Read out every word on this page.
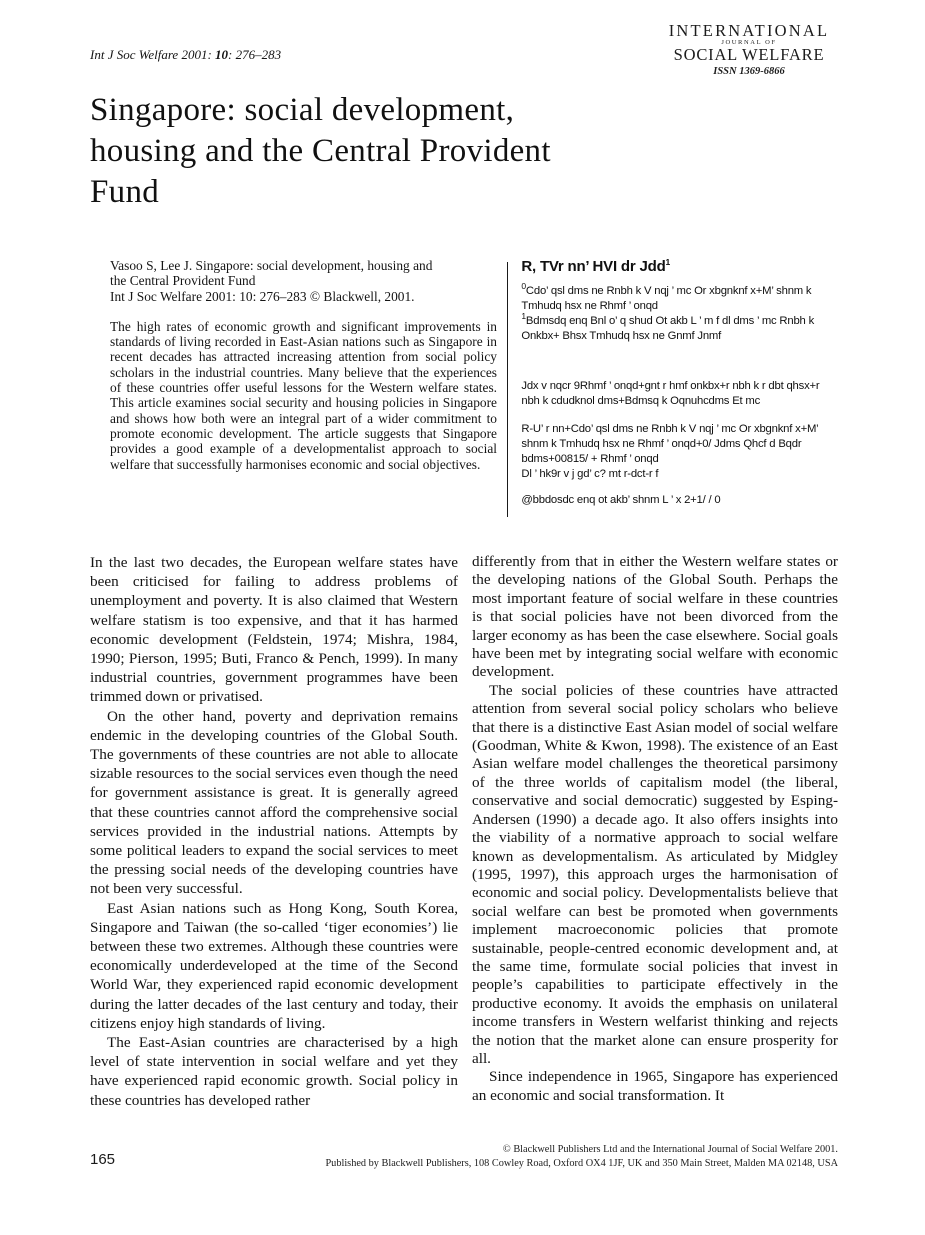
Int J Soc Welfare 2001: 10: 276–283
INTERNATIONAL
JOURNAL OF
SOCIAL WELFARE
ISSN 1369-6866
Singapore: social development,
housing and the Central Provident
Fund
Vasoo S, Lee J. Singapore: social development, housing and
the Central Provident Fund
Int J Soc Welfare 2001: 10: 276–283 © Blackwell, 2001.
The high rates of economic growth and significant improvements in standards of living recorded in East-Asian nations such as Singapore in recent decades has attracted increasing attention from social policy scholars in the industrial countries. Many believe that the experiences of these countries offer useful lessons for the Western welfare states. This article examines social security and housing policies in Singapore and shows how both were an integral part of a wider commitment to promote economic development. The article suggests that Singapore provides a good example of a developmentalist approach to social welfare that successfully harmonises economic and social objectives.
R, TVr nn’ HVI dr Jdd$^1$
$^0$Cdo’ qsl dms ne Rnbh k V nqj ’ mc Or xbgnknf x+M’ shnm k Tmhudq hsx ne Rhmf ’ onqd
$^1$Bdmsdq enq Bnl o’ q shud Ot akb L ’ m f dl dms ’ mc Rnbh k Onkbx+ Bhsx Tmhudq hsx ne Gnmf Jnmf
Jdx v nqcr 9Rhmf ’ onqd+gnt r hmf onkbx+r nbh k r dbt qhsx+r nbh k cdudknol dms+Bdmsq k Oqnuhcdms Et mc
R-U’ r nn+Cdo’ qsl dms ne Rnbh k V nqj ’ mc Or xbgnknf x+M’ shnm k Tmhudq hsx ne Rhmf ’ onqd+0/ Jdms Qhcf d Bqdr bdms+00815/ + Rhmf ’ onqd
Dl ’ hk9r v j gd’ c? mt r-dct-r f
@bbdosdc enq ot akb’ shnm L ’ x 2+1/ / 0

In the last two decades, the European welfare states have been criticised for failing to address problems of unemployment and poverty. It is also claimed that Western welfare statism is too expensive, and that it has harmed economic development (Feldstein, 1974; Mishra, 1984, 1990; Pierson, 1995; Buti, Franco & Pench, 1999). In many industrial countries, government programmes have been trimmed down or privatised.

On the other hand, poverty and deprivation remains endemic in the developing countries of the Global South. The governments of these countries are not able to allocate sizable resources to the social services even though the need for government assistance is great. It is generally agreed that these countries cannot afford the comprehensive social services provided in the industrial nations. Attempts by some political leaders to expand the social services to meet the pressing social needs of the developing countries have not been very successful.

East Asian nations such as Hong Kong, South Korea, Singapore and Taiwan (the so-called ‘tiger economies’) lie between these two extremes. Although these countries were economically underdeveloped at the time of the Second World War, they experienced rapid economic development during the latter decades of the last century and today, their citizens enjoy high standards of living.

The East-Asian countries are characterised by a high level of state intervention in social welfare and yet they have experienced rapid economic growth. Social policy in these countries has developed rather

differently from that in either the Western welfare states or the developing nations of the Global South. Perhaps the most important feature of social welfare in these countries is that social policies have not been divorced from the larger economy as has been the case elsewhere. Social goals have been met by integrating social welfare with economic development.

The social policies of these countries have attracted attention from several social policy scholars who believe that there is a distinctive East Asian model of social welfare (Goodman, White & Kwon, 1998). The existence of an East Asian welfare model challenges the theoretical parsimony of the three worlds of capitalism model (the liberal, conservative and social democratic) suggested by Esping-Andersen (1990) a decade ago. It also offers insights into the viability of a normative approach to social welfare known as developmentalism. As articulated by Midgley (1995, 1997), this approach urges the harmonisation of economic and social policy. Developmentalists believe that social welfare can best be promoted when governments implement macroeconomic policies that promote sustainable, people-centred economic development and, at the same time, formulate social policies that invest in people’s capabilities to participate effectively in the productive economy. It avoids the emphasis on unilateral income transfers in Western welfarist thinking and rejects the notion that the market alone can ensure prosperity for all.

Since independence in 1965, Singapore has experienced an economic and social transformation. It

165
© Blackwell Publishers Ltd and the International Journal of Social Welfare 2001.
Published by Blackwell Publishers, 108 Cowley Road, Oxford OX4 1JF, UK and 350 Main Street, Malden MA 02148, USA
